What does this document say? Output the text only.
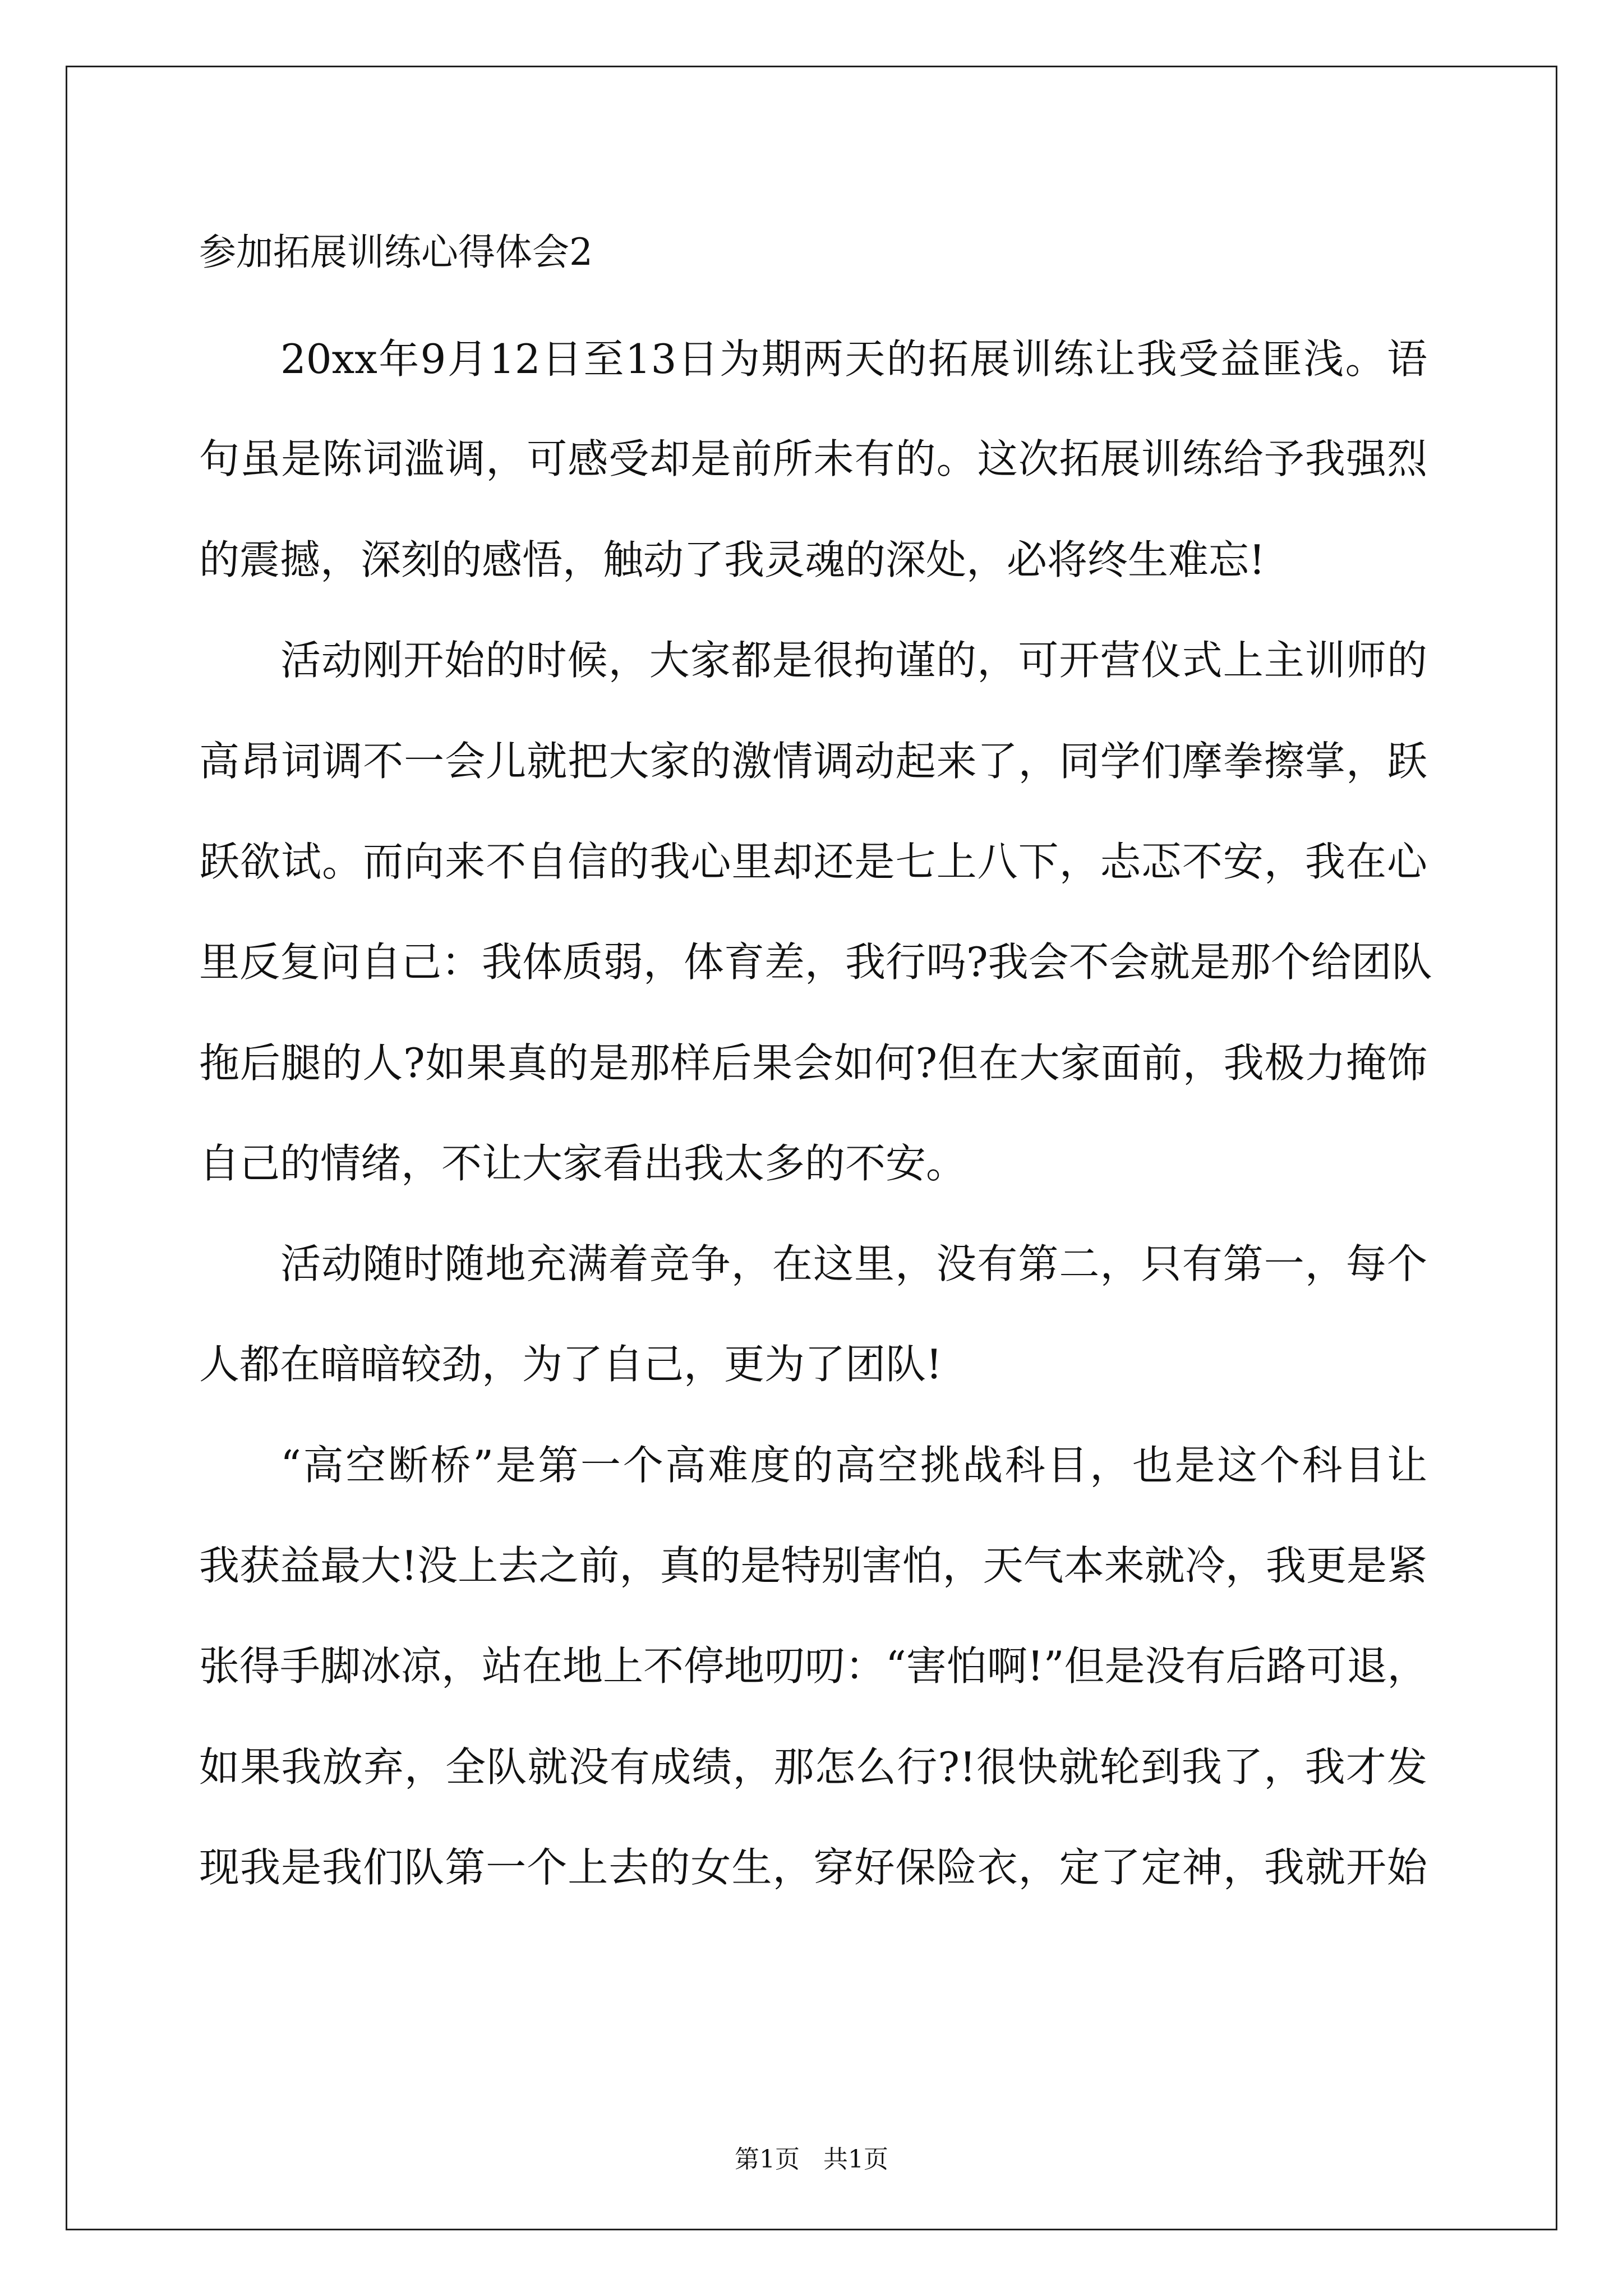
参加拓展训练心得体会2

20xx年9月12日至13日为期两天的拓展训练让我受益匪浅。语

句虽是陈词滥调，可感受却是前所未有的。这次拓展训练给予我强烈

的震撼，深刻的感悟，触动了我灵魂的深处，必将终生难忘!

活动刚开始的时候，大家都是很拘谨的，可开营仪式上主训师的

高昂词调不一会儿就把大家的激情调动起来了，同学们摩拳擦掌，跃

跃欲试。而向来不自信的我心里却还是七上八下，忐忑不安，我在心

里反复问自己：我体质弱，体育差，我行吗?我会不会就是那个给团队

拖后腿的人?如果真的是那样后果会如何?但在大家面前，我极力掩饰

自己的情绪，不让大家看出我太多的不安。

活动随时随地充满着竞争，在这里，没有第二，只有第一，每个

人都在暗暗较劲，为了自己，更为了团队!

“高空断桥”是第一个高难度的高空挑战科目，也是这个科目让

我获益最大!没上去之前，真的是特别害怕，天气本来就冷，我更是紧

张得手脚冰凉，站在地上不停地叨叨：“害怕啊!”但是没有后路可退，

如果我放弃，全队就没有成绩，那怎么行?!很快就轮到我了，我才发

现我是我们队第一个上去的女生，穿好保险衣，定了定神，我就开始

第1页   共1页
